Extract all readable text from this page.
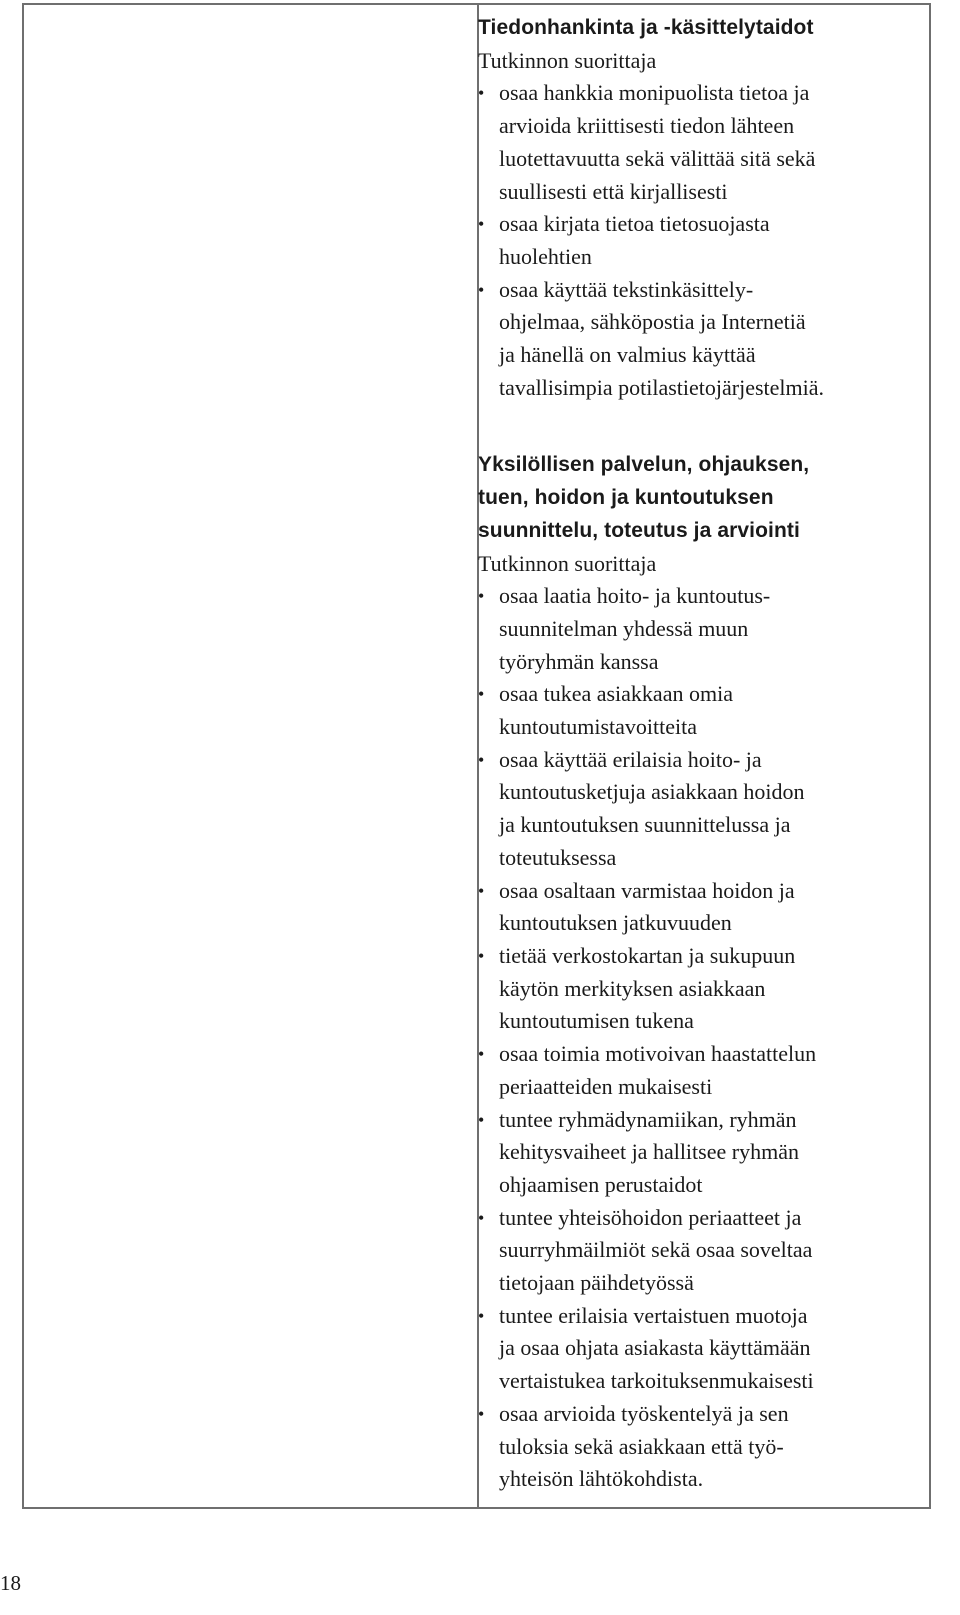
Tiedonhankinta ja -käsittelytaidot

Tutkinnon suorittaja

• osaa hankkia monipuolista tietoa ja
arvioida kriittisesti tiedon lähteen
luotettavuutta sekä välittää sitä sekä
suullisesti että kirjallisesti
• osaa kirjata tietoa tietosuojasta
huolehtien
• osaa käyttää tekstinkäsittely-
ohjelmaa, sähköpostia ja Internetiä
ja hänellä on valmius käyttää
tavallisimpia potilastietojärjestelmiä.

Yksilöllisen palvelun, ohjauksen,
tuen, hoidon ja kuntoutuksen
suunnittelu, toteutus ja arviointi

Tutkinnon suorittaja

• osaa laatia hoito- ja kuntoutus-
suunnitelman yhdessä muun
työryhmän kanssa
• osaa tukea asiakkaan omia
kuntoutumistavoitteita
• osaa käyttää erilaisia hoito- ja
kuntoutusketjuja asiakkaan hoidon
ja kuntoutuksen suunnittelussa ja
toteutuksessa
• osaa osaltaan varmistaa hoidon ja
kuntoutuksen jatkuvuuden
• tietää verkostokartan ja sukupuun
käytön merkityksen asiakkaan
kuntoutumisen tukena
• osaa toimia motivoivan haastattelun
periaatteiden mukaisesti
• tuntee ryhmädynamiikan, ryhmän
kehitysvaiheet ja hallitsee ryhmän
ohjaamisen perustaidot
• tuntee yhteisöhoidon periaatteet ja
suurryhmäilmiöt sekä osaa soveltaa
tietojaan päihdetyössä
• tuntee erilaisia vertaistuen muotoja
ja osaa ohjata asiakasta käyttämään
vertaistukea tarkoituksenmukaisesti
• osaa arvioida työskentelyä ja sen
tuloksia sekä asiakkaan että työ-
yhteisön lähtökohdista.
18
